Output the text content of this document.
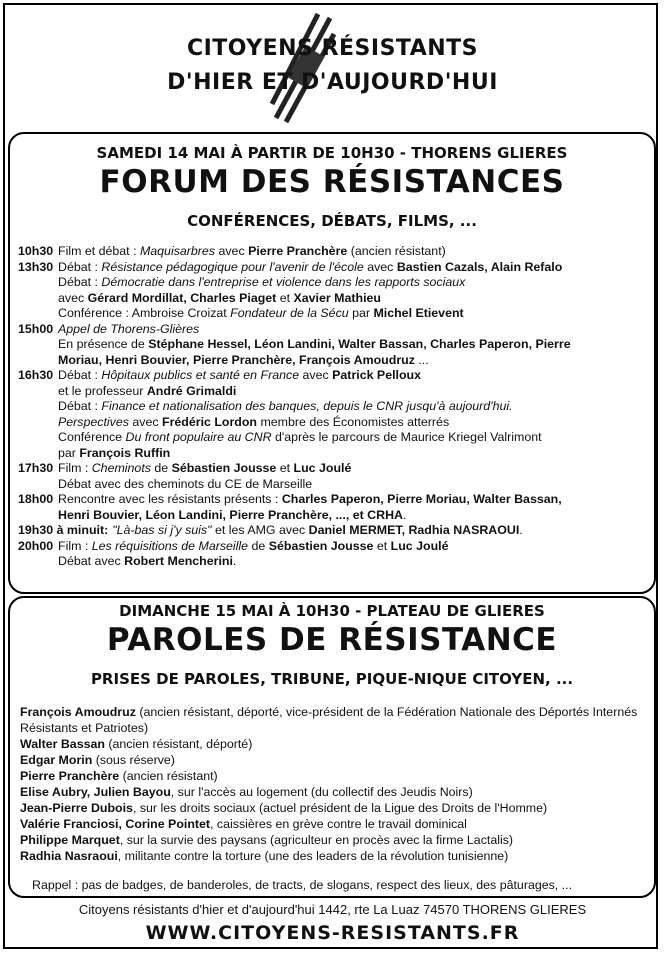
CITOYENS RÉSISTANTS
D'HIER ET D'AUJOURD'HUI
SAMEDI 14 MAI À PARTIR DE 10H30 - THORENS GLIERES
FORUM DES RÉSISTANCES
CONFÉRENCES, DÉBATS, FILMS, ...
10h30 Film et débat : Maquisarbres avec Pierre Pranchère (ancien résistant)
13h30 Débat : Résistance pédagogique pour l'avenir de l'école avec Bastien Cazals, Alain Refalo
Débat : Démocratie dans l'entreprise et violence dans les rapports sociaux
avec Gérard Mordillat, Charles Piaget et Xavier Mathieu
Conférence : Ambroise Croizat Fondateur de la Sécu par Michel Etievent
15h00 Appel de Thorens-Glières
En présence de Stéphane Hessel, Léon Landini, Walter Bassan, Charles Paperon, Pierre
Moriau, Henri Bouvier, Pierre Pranchère, François Amoudruz ...
16h30 Débat : Hôpitaux publics et santé en France avec Patrick Pelloux
et le professeur André Grimaldi
Débat : Finance et nationalisation des banques, depuis le CNR jusqu'à aujourd'hui.
Perspectives avec Frédéric Lordon membre des Économistes atterrés
Conférence Du front populaire au CNR d'après le parcours de Maurice Kriegel Valrimont
par François Ruffin
17h30 Film : Cheminots de Sébastien Jousse et Luc Joulé
Débat avec des cheminots du CE de Marseille
18h00 Rencontre avec les résistants présents : Charles Paperon, Pierre Moriau, Walter Bassan,
Henri Bouvier, Léon Landini, Pierre Pranchère, ..., et CRHA.
19h30 à minuit: "Là-bas si j'y suis" et les AMG avec Daniel MERMET, Radhia NASRAOUI.
20h00 Film : Les réquisitions de Marseille de Sébastien Jousse et Luc Joulé
Débat avec Robert Mencherini.
DIMANCHE 15 MAI À 10H30 - PLATEAU DE GLIERES
PAROLES DE RÉSISTANCE
PRISES DE PAROLES, TRIBUNE, PIQUE-NIQUE CITOYEN, ...
François Amoudruz (ancien résistant, déporté, vice-président de la Fédération Nationale des Déportés Internés Résistants et Patriotes)
Walter Bassan (ancien résistant, déporté)
Edgar Morin (sous réserve)
Pierre Pranchère (ancien résistant)
Elise Aubry, Julien Bayou, sur l'accès au logement (du collectif des Jeudis Noirs)
Jean-Pierre Dubois, sur les droits sociaux (actuel président de la Ligue des Droits de l'Homme)
Valérie Franciosi, Corine Pointet, caissières en grève contre le travail dominical
Philippe Marquet, sur la survie des paysans (agriculteur en procès avec la firme Lactalis)
Radhia Nasraoui, militante contre la torture (une des leaders de la révolution tunisienne)
Rappel : pas de badges, de banderoles, de tracts, de slogans, respect des lieux, des pâturages, ...
Citoyens résistants d'hier et d'aujourd'hui 1442, rte La Luaz 74570 THORENS GLIERES
WWW.CITOYENS-RESISTANTS.FR
